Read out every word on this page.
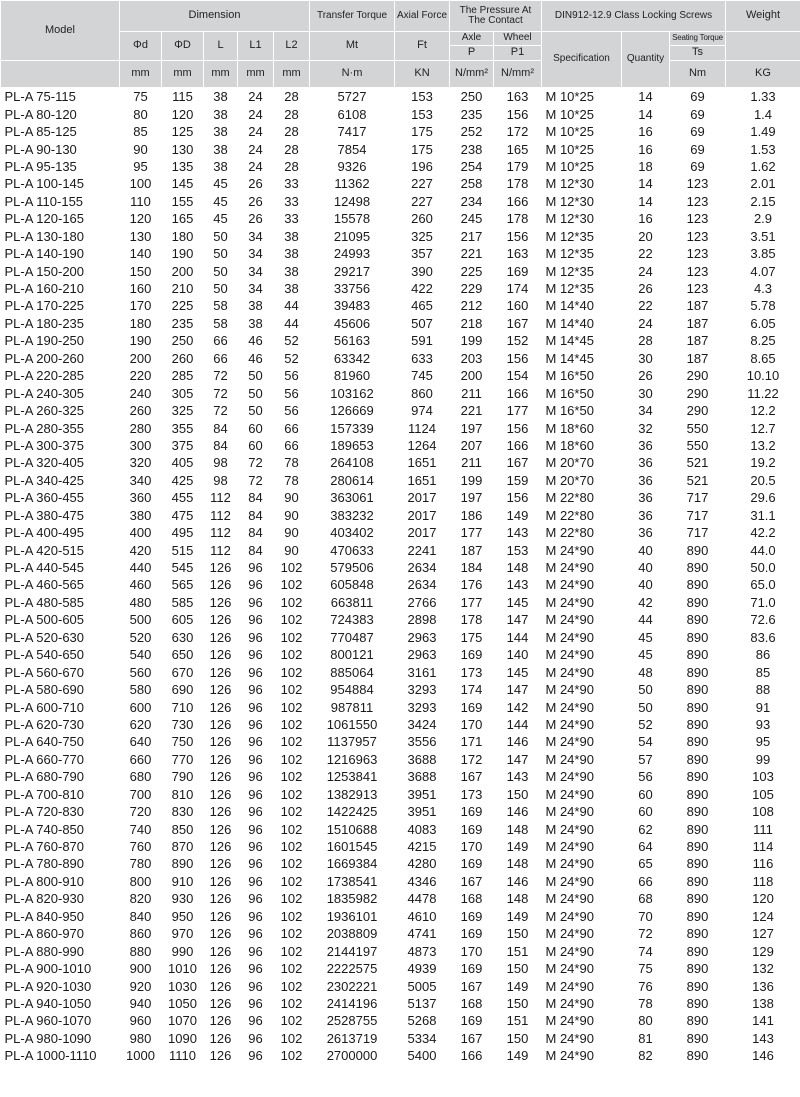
Model	Dimension					Transfer Torque	Axial Force	The Pressure At The Contact		DIN912-12.9 Class Locking Screws			Weight
	Φd	ΦD	L	L1	L2	Mt	Ft	Axle	Wheel	Specification	Quantity	Seating Torque	
								P	P1			Ts	
	mm	mm	mm	mm	mm	N·m	KN	N/mm²	N/mm²			Nm	KG
PL-A 75-115	75	115	38	24	28	5727	153	250	163	M 10*25	14	69	1.33
PL-A 80-120	80	120	38	24	28	6108	153	235	156	M 10*25	14	69	1.4
PL-A 85-125	85	125	38	24	28	7417	175	252	172	M 10*25	16	69	1.49
PL-A 90-130	90	130	38	24	28	7854	175	238	165	M 10*25	16	69	1.53
PL-A 95-135	95	135	38	24	28	9326	196	254	179	M 10*25	18	69	1.62
PL-A 100-145	100	145	45	26	33	11362	227	258	178	M 12*30	14	123	2.01
PL-A 110-155	110	155	45	26	33	12498	227	234	166	M 12*30	14	123	2.15
PL-A 120-165	120	165	45	26	33	15578	260	245	178	M 12*30	16	123	2.9
PL-A 130-180	130	180	50	34	38	21095	325	217	156	M 12*35	20	123	3.51
PL-A 140-190	140	190	50	34	38	24993	357	221	163	M 12*35	22	123	3.85
PL-A 150-200	150	200	50	34	38	29217	390	225	169	M 12*35	24	123	4.07
PL-A 160-210	160	210	50	34	38	33756	422	229	174	M 12*35	26	123	4.3
PL-A 170-225	170	225	58	38	44	39483	465	212	160	M 14*40	22	187	5.78
PL-A 180-235	180	235	58	38	44	45606	507	218	167	M 14*40	24	187	6.05
PL-A 190-250	190	250	66	46	52	56163	591	199	152	M 14*45	28	187	8.25
PL-A 200-260	200	260	66	46	52	63342	633	203	156	M 14*45	30	187	8.65
PL-A 220-285	220	285	72	50	56	81960	745	200	154	M 16*50	26	290	10.10
PL-A 240-305	240	305	72	50	56	103162	860	211	166	M 16*50	30	290	11.22
PL-A 260-325	260	325	72	50	56	126669	974	221	177	M 16*50	34	290	12.2
PL-A 280-355	280	355	84	60	66	157339	1124	197	156	M 18*60	32	550	12.7
PL-A 300-375	300	375	84	60	66	189653	1264	207	166	M 18*60	36	550	13.2
PL-A 320-405	320	405	98	72	78	264108	1651	211	167	M 20*70	36	521	19.2
PL-A 340-425	340	425	98	72	78	280614	1651	199	159	M 20*70	36	521	20.5
PL-A 360-455	360	455	112	84	90	363061	2017	197	156	M 22*80	36	717	29.6
PL-A 380-475	380	475	112	84	90	383232	2017	186	149	M 22*80	36	717	31.1
PL-A 400-495	400	495	112	84	90	403402	2017	177	143	M 22*80	36	717	42.2
PL-A 420-515	420	515	112	84	90	470633	2241	187	153	M 24*90	40	890	44.0
PL-A 440-545	440	545	126	96	102	579506	2634	184	148	M 24*90	40	890	50.0
PL-A 460-565	460	565	126	96	102	605848	2634	176	143	M 24*90	40	890	65.0
PL-A 480-585	480	585	126	96	102	663811	2766	177	145	M 24*90	42	890	71.0
PL-A 500-605	500	605	126	96	102	724383	2898	178	147	M 24*90	44	890	72.6
PL-A 520-630	520	630	126	96	102	770487	2963	175	144	M 24*90	45	890	83.6
PL-A 540-650	540	650	126	96	102	800121	2963	169	140	M 24*90	45	890	86
PL-A 560-670	560	670	126	96	102	885064	3161	173	145	M 24*90	48	890	85
PL-A 580-690	580	690	126	96	102	954884	3293	174	147	M 24*90	50	890	88
PL-A 600-710	600	710	126	96	102	987811	3293	169	142	M 24*90	50	890	91
PL-A 620-730	620	730	126	96	102	1061550	3424	170	144	M 24*90	52	890	93
PL-A 640-750	640	750	126	96	102	1137957	3556	171	146	M 24*90	54	890	95
PL-A 660-770	660	770	126	96	102	1216963	3688	172	147	M 24*90	57	890	99
PL-A 680-790	680	790	126	96	102	1253841	3688	167	143	M 24*90	56	890	103
PL-A 700-810	700	810	126	96	102	1382913	3951	173	150	M 24*90	60	890	105
PL-A 720-830	720	830	126	96	102	1422425	3951	169	146	M 24*90	60	890	108
PL-A 740-850	740	850	126	96	102	1510688	4083	169	148	M 24*90	62	890	111
PL-A 760-870	760	870	126	96	102	1601545	4215	170	149	M 24*90	64	890	114
PL-A 780-890	780	890	126	96	102	1669384	4280	169	148	M 24*90	65	890	116
PL-A 800-910	800	910	126	96	102	1738541	4346	167	146	M 24*90	66	890	118
PL-A 820-930	820	930	126	96	102	1835982	4478	168	148	M 24*90	68	890	120
PL-A 840-950	840	950	126	96	102	1936101	4610	169	149	M 24*90	70	890	124
PL-A 860-970	860	970	126	96	102	2038809	4741	169	150	M 24*90	72	890	127
PL-A 880-990	880	990	126	96	102	2144197	4873	170	151	M 24*90	74	890	129
PL-A 900-1010	900	1010	126	96	102	2222575	4939	169	150	M 24*90	75	890	132
PL-A 920-1030	920	1030	126	96	102	2302221	5005	167	149	M 24*90	76	890	136
PL-A 940-1050	940	1050	126	96	102	2414196	5137	168	150	M 24*90	78	890	138
PL-A 960-1070	960	1070	126	96	102	2528755	5268	169	151	M 24*90	80	890	141
PL-A 980-1090	980	1090	126	96	102	2613719	5334	167	150	M 24*90	81	890	143
PL-A 1000-1110	1000	1110	126	96	102	2700000	5400	166	149	M 24*90	82	890	146
